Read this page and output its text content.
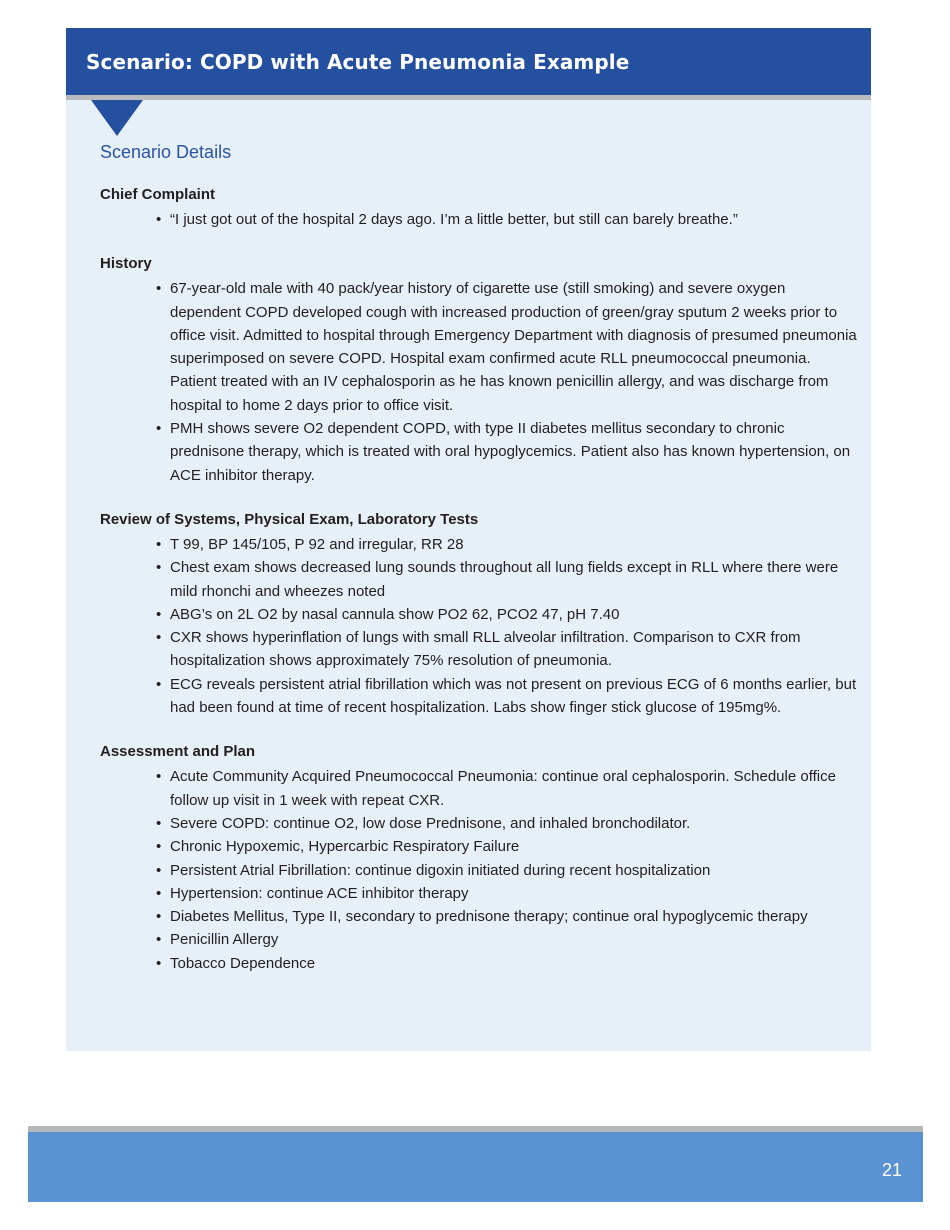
Scenario: COPD with Acute Pneumonia Example
Scenario Details
Chief Complaint
• “I just got out of the hospital 2 days ago. I’m a little better, but still can barely breathe.”
History
• 67-year-old male with 40 pack/year history of cigarette use (still smoking) and severe oxygen dependent COPD developed cough with increased production of green/gray sputum 2 weeks prior to office visit. Admitted to hospital through Emergency Department with diagnosis of presumed pneumonia superimposed on severe COPD. Hospital exam confirmed acute RLL pneumococcal pneumonia. Patient treated with an IV cephalosporin as he has known penicillin allergy, and was discharge from hospital to home 2 days prior to office visit.
• PMH shows severe O2 dependent COPD, with type II diabetes mellitus secondary to chronic prednisone therapy, which is treated with oral hypoglycemics. Patient also has known hypertension, on ACE inhibitor therapy.
Review of Systems, Physical Exam, Laboratory Tests
• T 99, BP 145/105, P 92 and irregular, RR 28
• Chest exam shows decreased lung sounds throughout all lung fields except in RLL where there were mild rhonchi and wheezes noted
• ABG’s on 2L O2 by nasal cannula show PO2 62, PCO2 47, pH 7.40
• CXR shows hyperinflation of lungs with small RLL alveolar infiltration. Comparison to CXR from hospitalization shows approximately 75% resolution of pneumonia.
• ECG reveals persistent atrial fibrillation which was not present on previous ECG of 6 months earlier, but had been found at time of recent hospitalization. Labs show finger stick glucose of 195mg%.
Assessment and Plan
• Acute Community Acquired Pneumococcal Pneumonia: continue oral cephalosporin. Schedule office follow up visit in 1 week with repeat CXR.
• Severe COPD: continue O2, low dose Prednisone, and inhaled bronchodilator.
• Chronic Hypoxemic, Hypercarbic Respiratory Failure
• Persistent Atrial Fibrillation: continue digoxin initiated during recent hospitalization
• Hypertension: continue ACE inhibitor therapy
• Diabetes Mellitus, Type II, secondary to prednisone therapy; continue oral hypoglycemic therapy
• Penicillin Allergy
• Tobacco Dependence
21
